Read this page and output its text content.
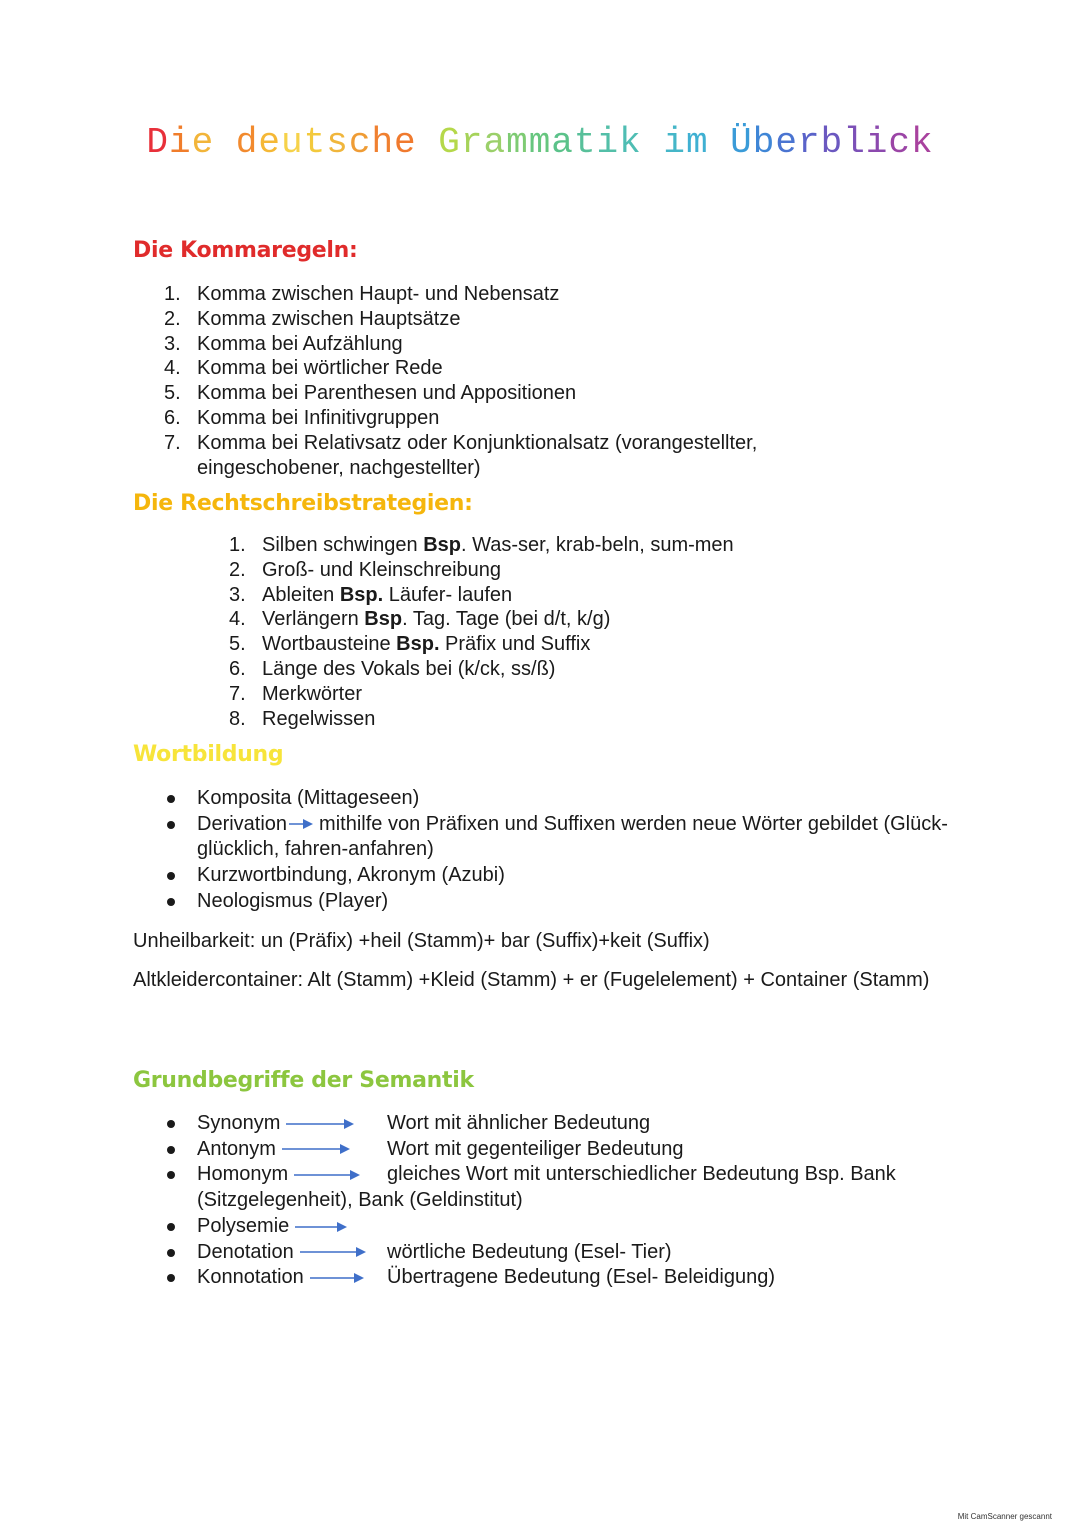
Die deutsche Grammatik im Überblick
Die Kommaregeln:
1. Komma zwischen Haupt- und Nebensatz
2. Komma zwischen Hauptsätze
3. Komma bei Aufzählung
4. Komma bei wörtlicher Rede
5. Komma bei Parenthesen und Appositionen
6. Komma bei Infinitivgruppen
7. Komma bei Relativsatz oder Konjunktionalsatz (vorangestellter, eingeschobener, nachgestellter)
Die Rechtschreibstrategien:
1. Silben schwingen Bsp. Was-ser, krab-beln, sum-men
2. Groß- und Kleinschreibung
3. Ableiten Bsp. Läufer- laufen
4. Verlängern Bsp. Tag. Tage (bei d/t, k/g)
5. Wortbausteine Bsp. Präfix und Suffix
6. Länge des Vokals bei (k/ck, ss/ß)
7. Merkwörter
8. Regelwissen
Wortbildung
Komposita (Mittageseen)
Derivation mithilfe von Präfixen und Suffixen werden neue Wörter gebildet (Glück-glücklich, fahren-anfahren)
Kurzwortbindung, Akronym (Azubi)
Neologismus (Player)
Unheilbarkeit: un (Präfix) +heil (Stamm)+ bar (Suffix)+keit (Suffix)
Altkleidercontainer: Alt (Stamm) +Kleid (Stamm) + er (Fugelelement) + Container (Stamm)
Grundbegriffe der Semantik
Synonym	Wort mit ähnlicher Bedeutung
Antonym	Wort mit gegenteiliger Bedeutung
Homonym	gleiches Wort mit unterschiedlicher Bedeutung Bsp. Bank (Sitzgelegenheit), Bank (Geldinstitut)
Polysemie
Denotation	wörtliche Bedeutung (Esel- Tier)
Konnotation	Übertragene Bedeutung (Esel- Beleidigung)
Mit CamScanner gescannt
